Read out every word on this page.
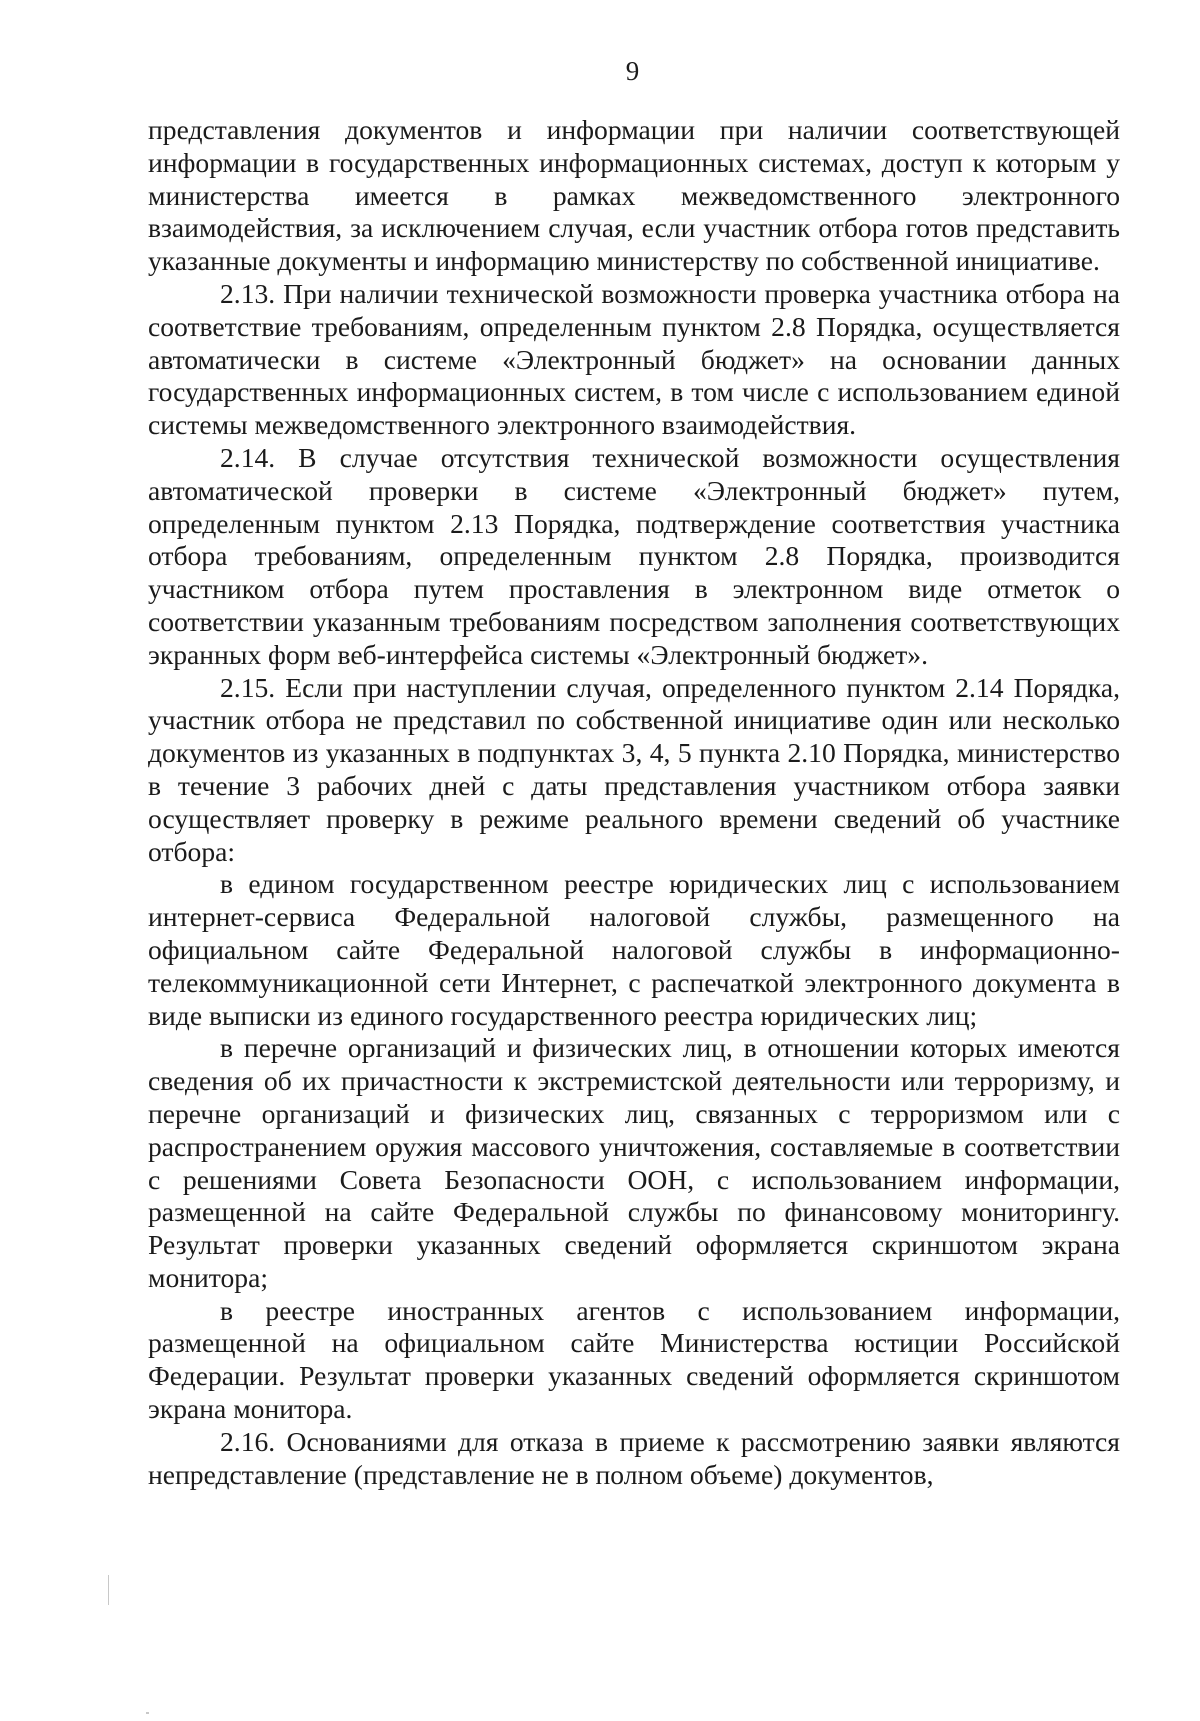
9

представления документов и информации при наличии соответствующей информации в государственных информационных системах, доступ к которым у министерства имеется в рамках межведомственного электронного взаимодействия, за исключением случая, если участник отбора готов представить указанные документы и информацию министерству по собственной инициативе.

2.13. При наличии технической возможности проверка участника отбора на соответствие требованиям, определенным пунктом 2.8 Порядка, осуществляется автоматически в системе «Электронный бюджет» на основании данных государственных информационных систем, в том числе с использованием единой системы межведомственного электронного взаимодействия.

2.14. В случае отсутствия технической возможности осуществления автоматической проверки в системе «Электронный бюджет» путем, определенным пунктом 2.13 Порядка, подтверждение соответствия участника отбора требованиям, определенным пунктом 2.8 Порядка, производится участником отбора путем проставления в электронном виде отметок о соответствии указанным требованиям посредством заполнения соответствующих экранных форм веб-интерфейса системы «Электронный бюджет».

2.15. Если при наступлении случая, определенного пунктом 2.14 Порядка, участник отбора не представил по собственной инициативе один или несколько документов из указанных в подпунктах 3, 4, 5 пункта 2.10 Порядка, министерство в течение 3 рабочих дней с даты представления участником отбора заявки осуществляет проверку в режиме реального времени сведений об участнике отбора:

в едином государственном реестре юридических лиц с использованием интернет-сервиса Федеральной налоговой службы, размещенного на официальном сайте Федеральной налоговой службы в информационно-телекоммуникационной сети Интернет, с распечаткой электронного документа в виде выписки из единого государственного реестра юридических лиц;

в перечне организаций и физических лиц, в отношении которых имеются сведения об их причастности к экстремистской деятельности или терроризму, и перечне организаций и физических лиц, связанных с терроризмом или с распространением оружия массового уничтожения, составляемые в соответствии с решениями Совета Безопасности ООН, с использованием информации, размещенной на сайте Федеральной службы по финансовому мониторингу. Результат проверки указанных сведений оформляется скриншотом экрана монитора;

в реестре иностранных агентов с использованием информации, размещенной на официальном сайте Министерства юстиции Российской Федерации. Результат проверки указанных сведений оформляется скриншотом экрана монитора.

2.16. Основаниями для отказа в приеме к рассмотрению заявки являются непредставление (представление не в полном объеме) документов,
